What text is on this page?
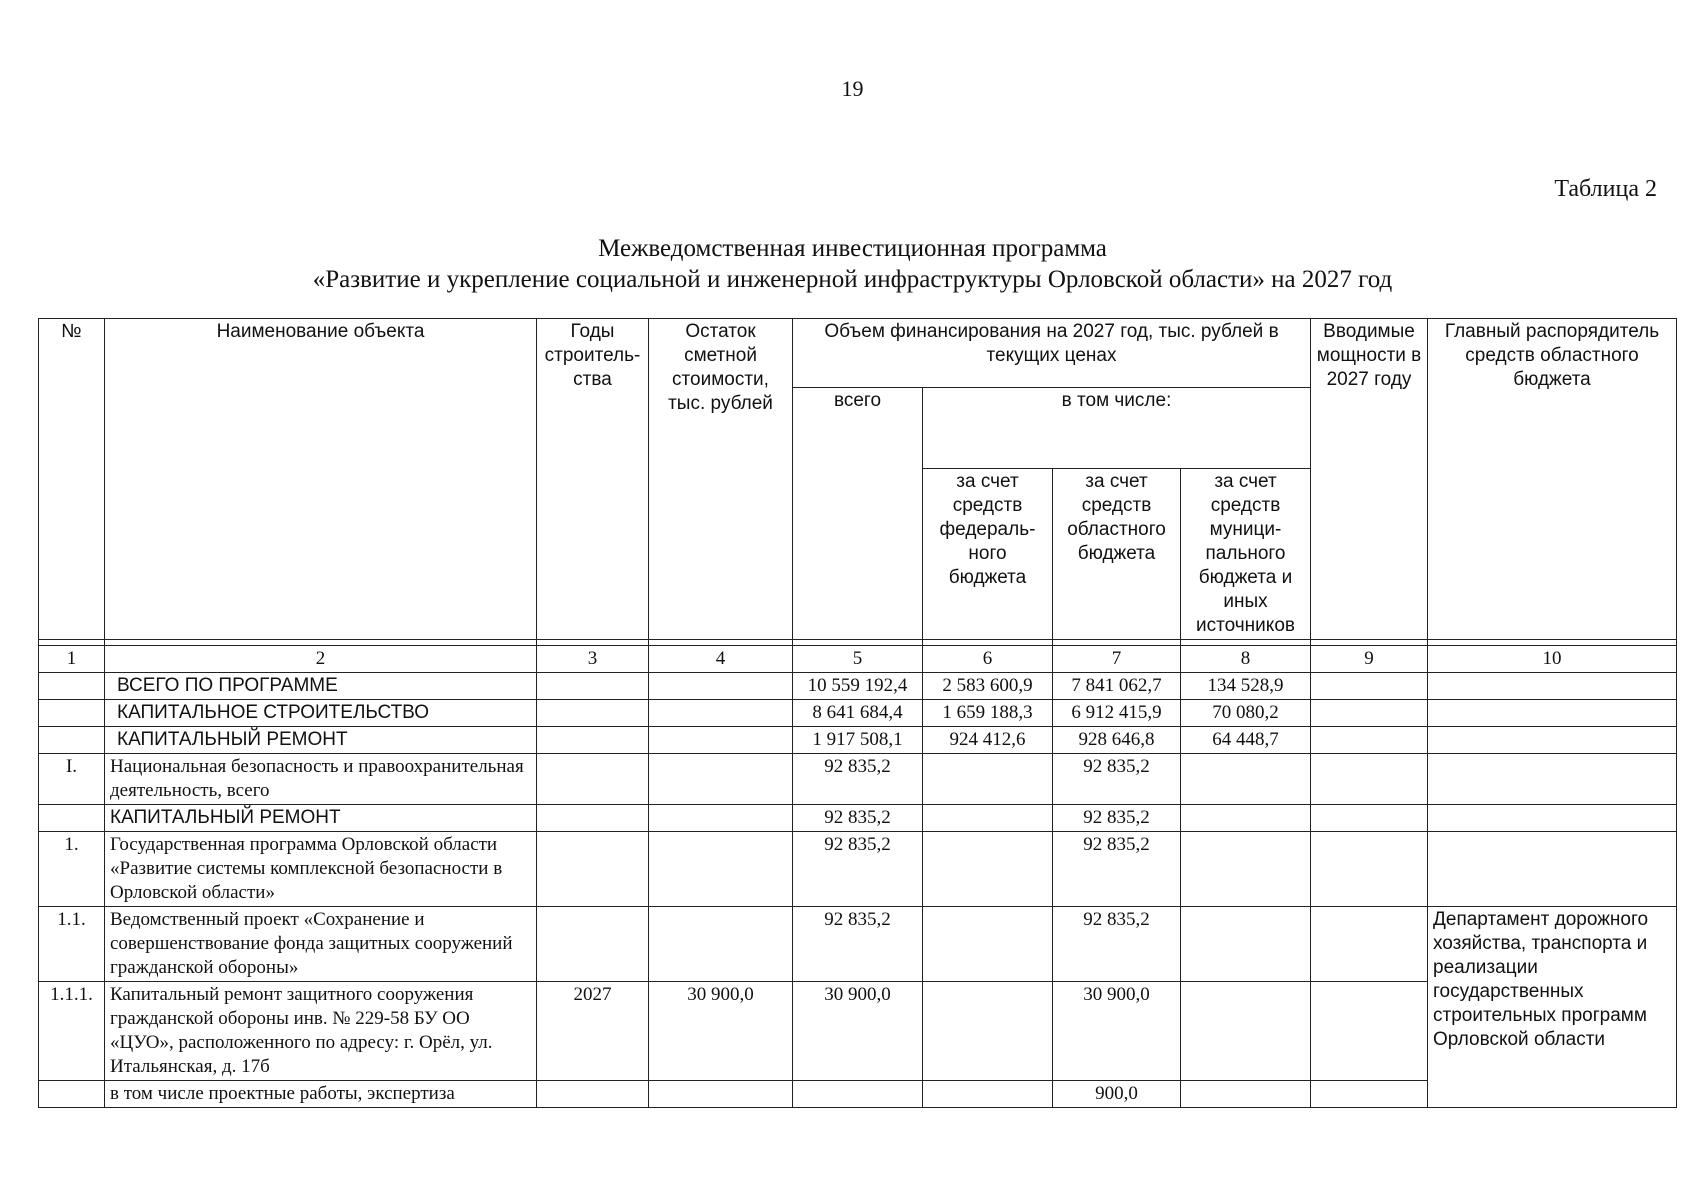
19
Таблица 2
Межведомственная инвестиционная программа
«Развитие и укрепление социальной и инженерной инфраструктуры Орловской области» на 2027 год
№	Наименование объекта	Годы строитель-ства	Остаток сметной стоимости, тыс. рублей	Объем финансирования на 2027 год, тыс. рублей в текущих ценах				Вводимые мощности в 2027 году	Главный распорядитель средств областного бюджета
				всего	в том числе:				
					за счет средств федераль-ного бюджета	за счет средств областного бюджета	за счет средств муници-пального бюджета и иных источников		

1	2	3	4	5	6	7	8	9	10
	ВСЕГО ПО ПРОГРАММЕ			10 559 192,4	2 583 600,9	7 841 062,7	134 528,9		
	КАПИТАЛЬНОЕ СТРОИТЕЛЬСТВО			8 641 684,4	1 659 188,3	6 912 415,9	70 080,2		
	КАПИТАЛЬНЫЙ РЕМОНТ			1 917 508,1	924 412,6	928 646,8	64 448,7		
I.	Национальная безопасность и правоохранительная деятельность, всего			92 835,2		92 835,2			
	КАПИТАЛЬНЫЙ РЕМОНТ			92 835,2		92 835,2			
1.	Государственная программа Орловской области «Развитие системы комплексной безопасности в Орловской области»			92 835,2		92 835,2			
1.1.	Ведомственный проект «Сохранение и совершенствование фонда защитных сооружений гражданской обороны»			92 835,2		92 835,2			Департамент дорожного хозяйства, транспорта и реализации государственных строительных программ Орловской области
1.1.1.	Капитальный ремонт защитного сооружения гражданской обороны инв. № 229-58 БУ ОО «ЦУО», расположенного по адресу: г. Орёл, ул. Итальянская, д. 17б	2027	30 900,0	30 900,0		30 900,0			
	в том числе проектные работы, экспертиза					900,0			
